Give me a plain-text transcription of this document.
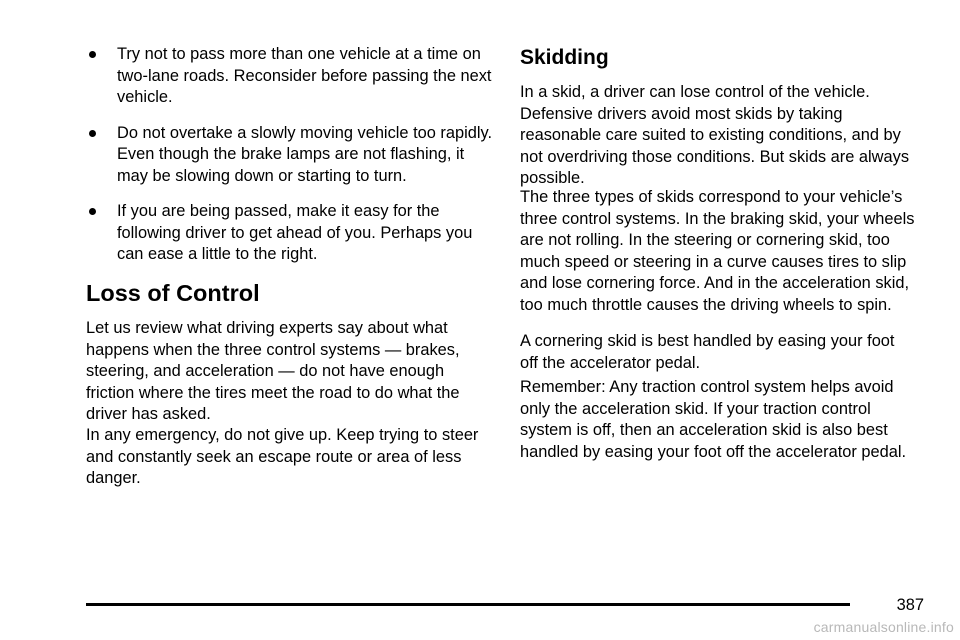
Try not to pass more than one vehicle at a time on two-lane roads. Reconsider before passing the next vehicle.
Do not overtake a slowly moving vehicle too rapidly. Even though the brake lamps are not flashing, it may be slowing down or starting to turn.
If you are being passed, make it easy for the following driver to get ahead of you. Perhaps you can ease a little to the right.
Loss of Control

Let us review what driving experts say about what happens when the three control systems — brakes, steering, and acceleration — do not have enough friction where the tires meet the road to do what the driver has asked.

In any emergency, do not give up. Keep trying to steer and constantly seek an escape route or area of less danger.

Skidding

In a skid, a driver can lose control of the vehicle. Defensive drivers avoid most skids by taking reasonable care suited to existing conditions, and by not overdriving those conditions. But skids are always possible.

The three types of skids correspond to your vehicle’s three control systems. In the braking skid, your wheels are not rolling. In the steering or cornering skid, too much speed or steering in a curve causes tires to slip and lose cornering force. And in the acceleration skid, too much throttle causes the driving wheels to spin.

A cornering skid is best handled by easing your foot off the accelerator pedal.

Remember: Any traction control system helps avoid only the acceleration skid. If your traction control system is off, then an acceleration skid is also best handled by easing your foot off the accelerator pedal.

387
carmanualsonline.info
